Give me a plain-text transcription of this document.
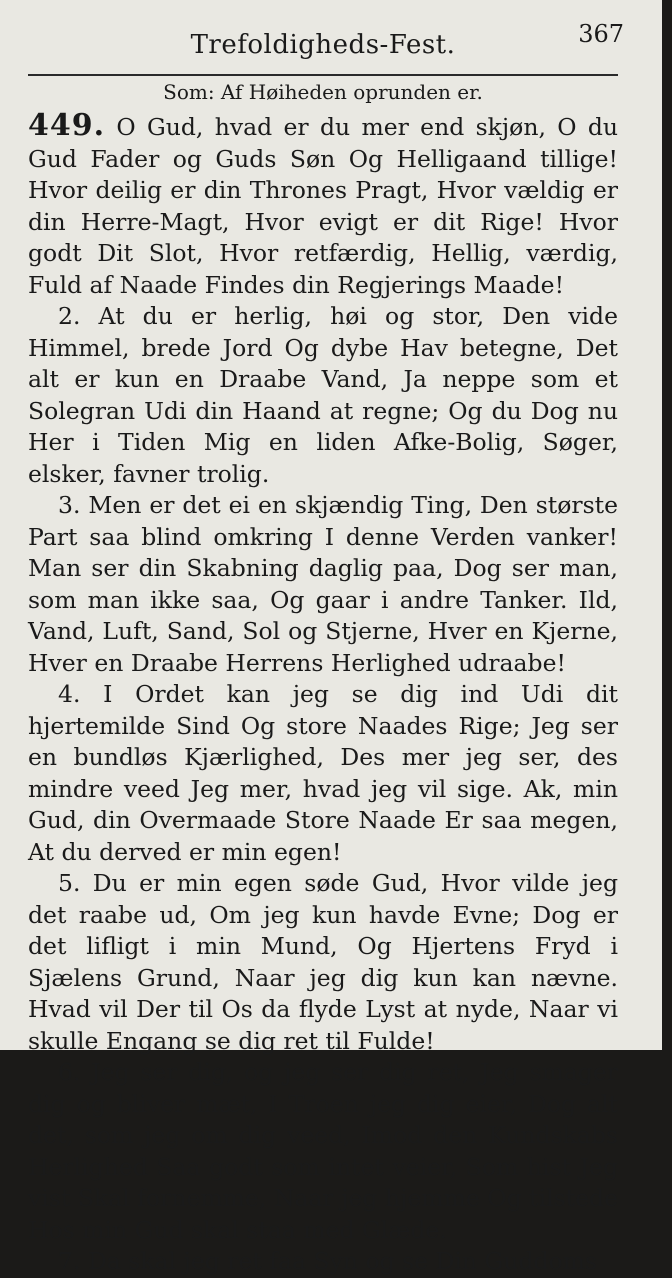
Trefoldigheds-Fest.	367
Som: Af Høiheden oprunden er.

449. O Gud, hvad er du mer end skjøn, O du Gud Fader og Guds Søn Og Helligaand tillige! Hvor deilig er din Thrones Pragt, Hvor vældig er din Herre-Magt, Hvor evigt er dit Rige! Hvor godt Dit Slot, Hvor retfærdig, Hellig, værdig, Fuld af Naade Findes din Regjerings Maade!

2. At du er herlig, høi og stor, Den vide Himmel, brede Jord Og dybe Hav betegne, Det alt er kun en Draabe Vand, Ja neppe som et Solegran Udi din Haand at regne; Og du Dog nu Her i Tiden Mig en liden Afke-Bolig, Søger, elsker, favner trolig.

3. Men er det ei en skjændig Ting, Den største Part saa blind omkring I denne Verden vanker! Man ser din Skabning daglig paa, Dog ser man, som man ikke saa, Og gaar i andre Tanker. Ild, Vand, Luft, Sand, Sol og Stjerne, Hver en Kjerne, Hver en Draabe Herrens Herlighed udraabe!

4. I Ordet kan jeg se dig ind Udi dit hjertemilde Sind Og store Naades Rige; Jeg ser en bundløs Kjærlighed, Des mer jeg ser, des mindre veed Jeg mer, hvad jeg vil sige. Ak, min Gud, din Overmaade Store Naade Er saa megen, At du derved er min egen!

5. Du er min egen søde Gud, Hvor vilde jeg det raabe ud, Om jeg kun havde Evne; Dog er det lifligt i min Mund, Og Hjertens Fryd i Sjælens Grund, Naar jeg dig kun kan nævne. Hvad vil Der til Os da flyde Lyst at nyde, Naar vi skulle Engang se dig ret til Fulde!

6. Jeg ser dig, og jeg ser dig ret, Jeg smager dig og bliver mæt, I Troen jeg dig eier, Dog alt det, som jeg om dig veed, Imod den Kundskabs Herlighed Saa godt som intet veier, Som hist Jeg vist Skal fornemme, Naar jeg hjemme Og tilstede Hos min Gud skal staa med Glæde.

7. Da skal jeg ret faa Syn og se Din Guddoms
